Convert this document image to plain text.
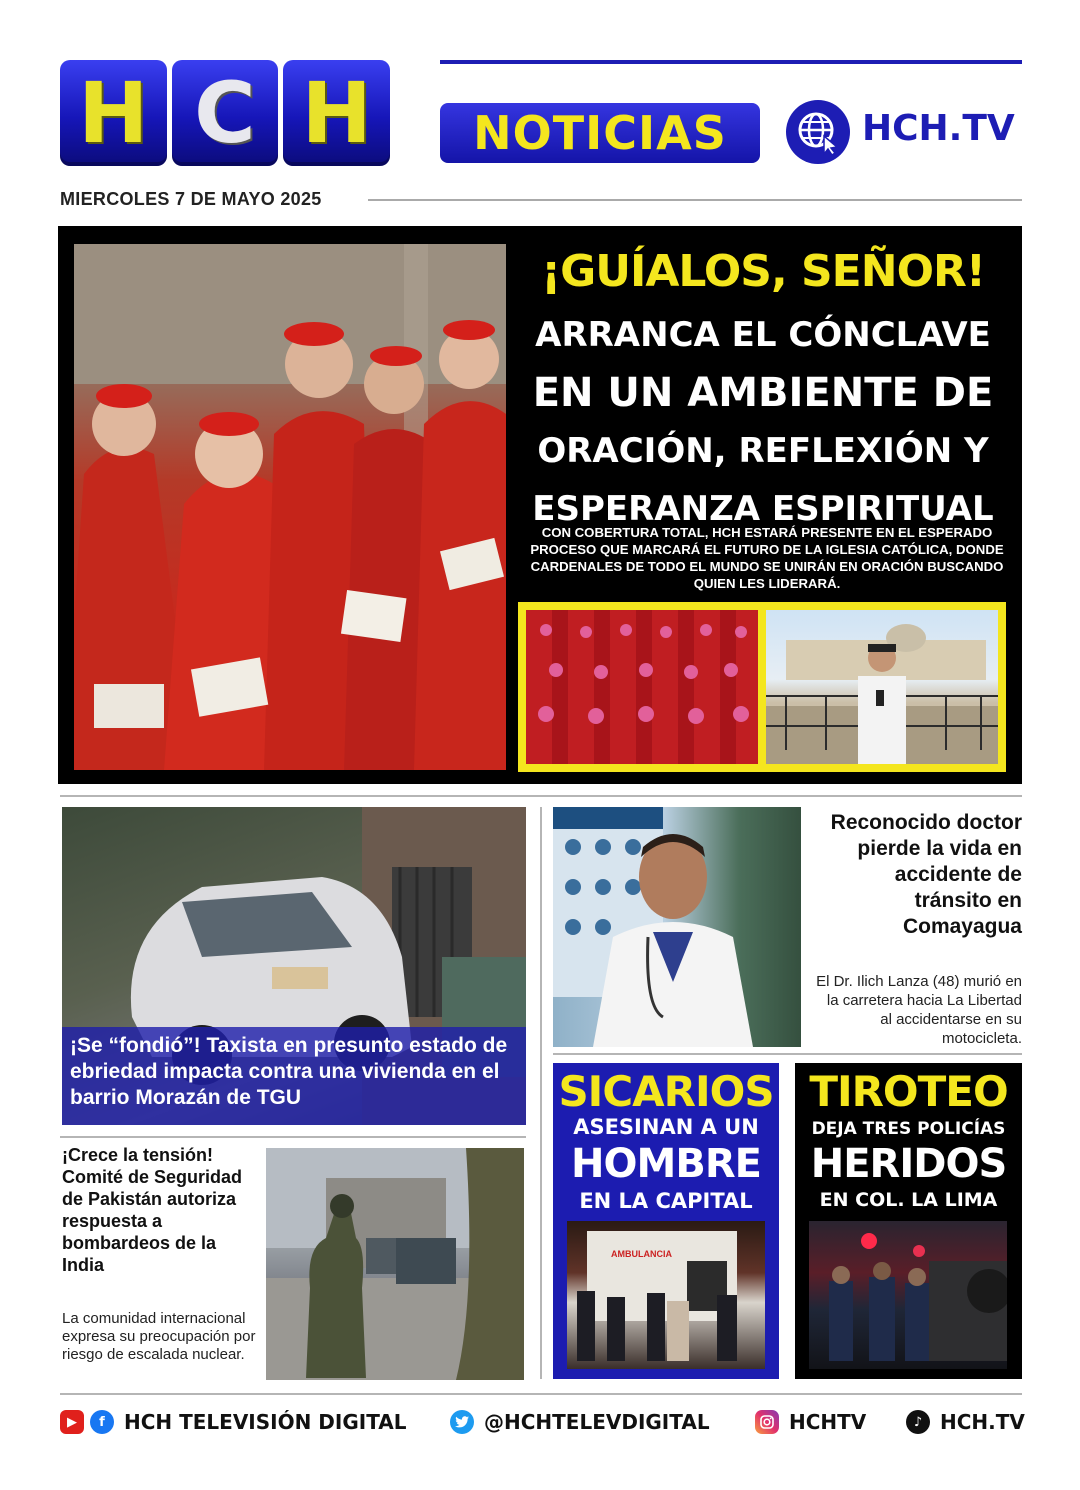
H C H NOTICIAS	HCH.TV
MIERCOLES 7 DE MAYO 2025
¡GUÍALOS, SEÑOR!
ARRANCA EL CÓNCLAVE
EN UN AMBIENTE DE
ORACIÓN, REFLEXIÓN Y
ESPERANZA ESPIRITUAL
CON COBERTURA TOTAL, HCH ESTARÁ PRESENTE EN EL ESPERADO PROCESO QUE MARCARÁ EL FUTURO DE LA IGLESIA CATÓLICA, DONDE CARDENALES DE TODO EL MUNDO SE UNIRÁN EN ORACIÓN BUSCANDO QUIEN LES LIDERARÁ.
¡Se “fondió”! Taxista en presunto estado de ebriedad impacta contra una vivienda en el barrio Morazán de TGU
Reconocido doctor pierde la vida en accidente de tránsito en Comayagua
El Dr. Ilich Lanza (48) murió en la carretera hacia La Libertad al accidentarse en su motocicleta.
¡Crece la tensión! Comité de Seguridad de Pakistán autoriza respuesta a bombardeos de la India
La comunidad internacional expresa su preocupación por riesgo de escalada nuclear.
SICARIOS
ASESINAN A UN
HOMBRE
EN LA CAPITAL
AMBULANCIA
TIROTEO
DEJA TRES POLICÍAS
HERIDOS
EN COL. LA LIMA
▶	f HCH TELEVISIÓN DIGITAL	@HCHTELEVDIGITAL	HCHTV	♪ HCH.TV
